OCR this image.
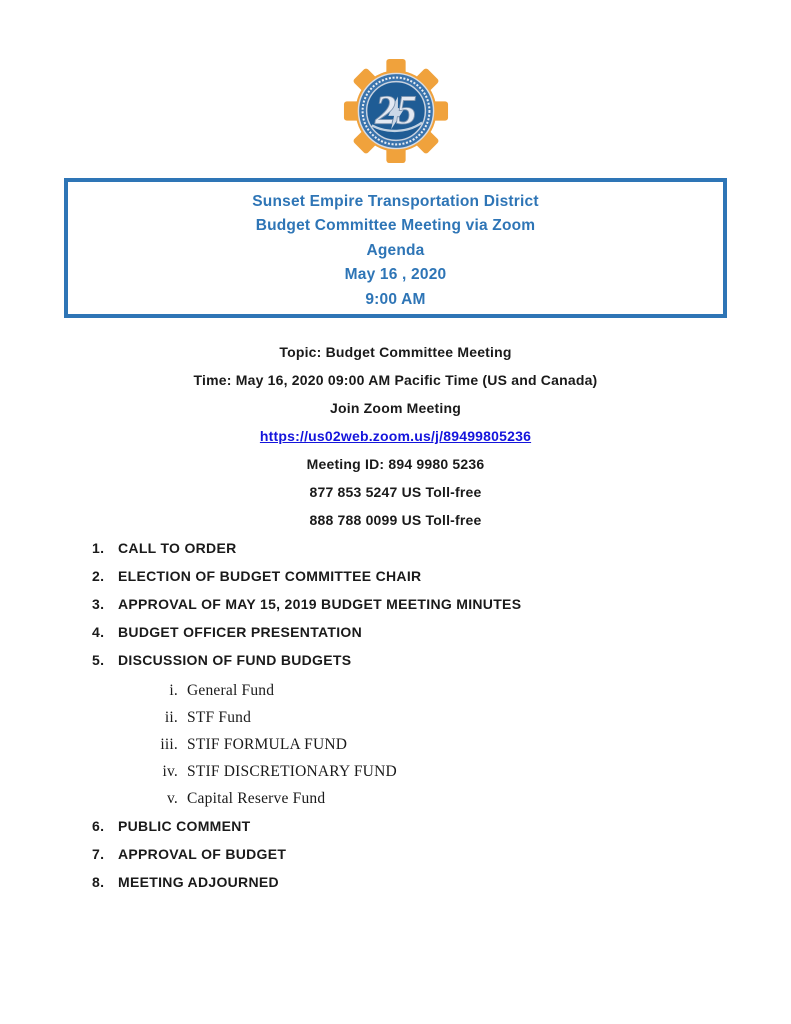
25
Sunset Empire Transportation District
Budget Committee Meeting via Zoom
Agenda
May 16 , 2020
9:00 AM
Topic: Budget Committee Meeting
Time: May 16, 2020 09:00 AM Pacific Time (US and Canada)
Join Zoom Meeting
https://us02web.zoom.us/j/89499805236
Meeting ID: 894 9980 5236
877 853 5247 US Toll-free
888 788 0099 US Toll-free
1. CALL TO ORDER
2. ELECTION OF BUDGET COMMITTEE CHAIR
3. APPROVAL OF MAY 15, 2019 BUDGET MEETING MINUTES
4. BUDGET OFFICER PRESENTATION
5. DISCUSSION OF FUND BUDGETS
i. General Fund
ii. STF Fund
iii. STIF FORMULA FUND
iv. STIF DISCRETIONARY FUND
v. Capital Reserve Fund
6. PUBLIC COMMENT
7. APPROVAL OF BUDGET
8. MEETING ADJOURNED
